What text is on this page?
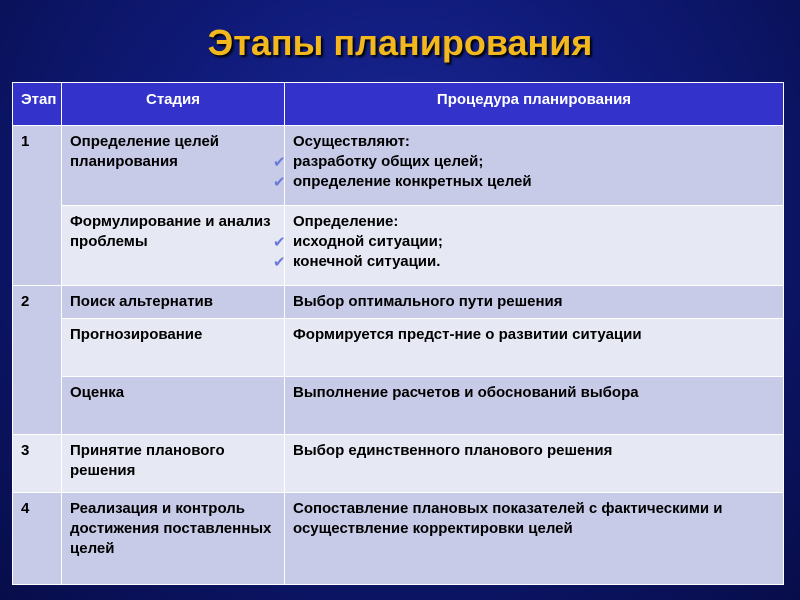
Этапы планирования
Этап	Стадия	Процедура планирования
1	Определение целей планирования	Осуществляют:
✔ разработку общих целей;
✔ определение конкретных целей

	Формулирование и анализ проблемы	Определение:
✔ исходной ситуации;
✔ конечной ситуации.

2	Поиск альтернатив	Выбор оптимального пути решения
	Прогнозирование	Формируется предст-ние о развитии ситуации
	Оценка	Выполнение расчетов и обоснований выбора
3	Принятие планового решения	Выбор единственного планового решения
4	Реализация и контроль достижения поставленных целей	Сопоставление плановых показателей с фактическими и осуществление корректировки целей
